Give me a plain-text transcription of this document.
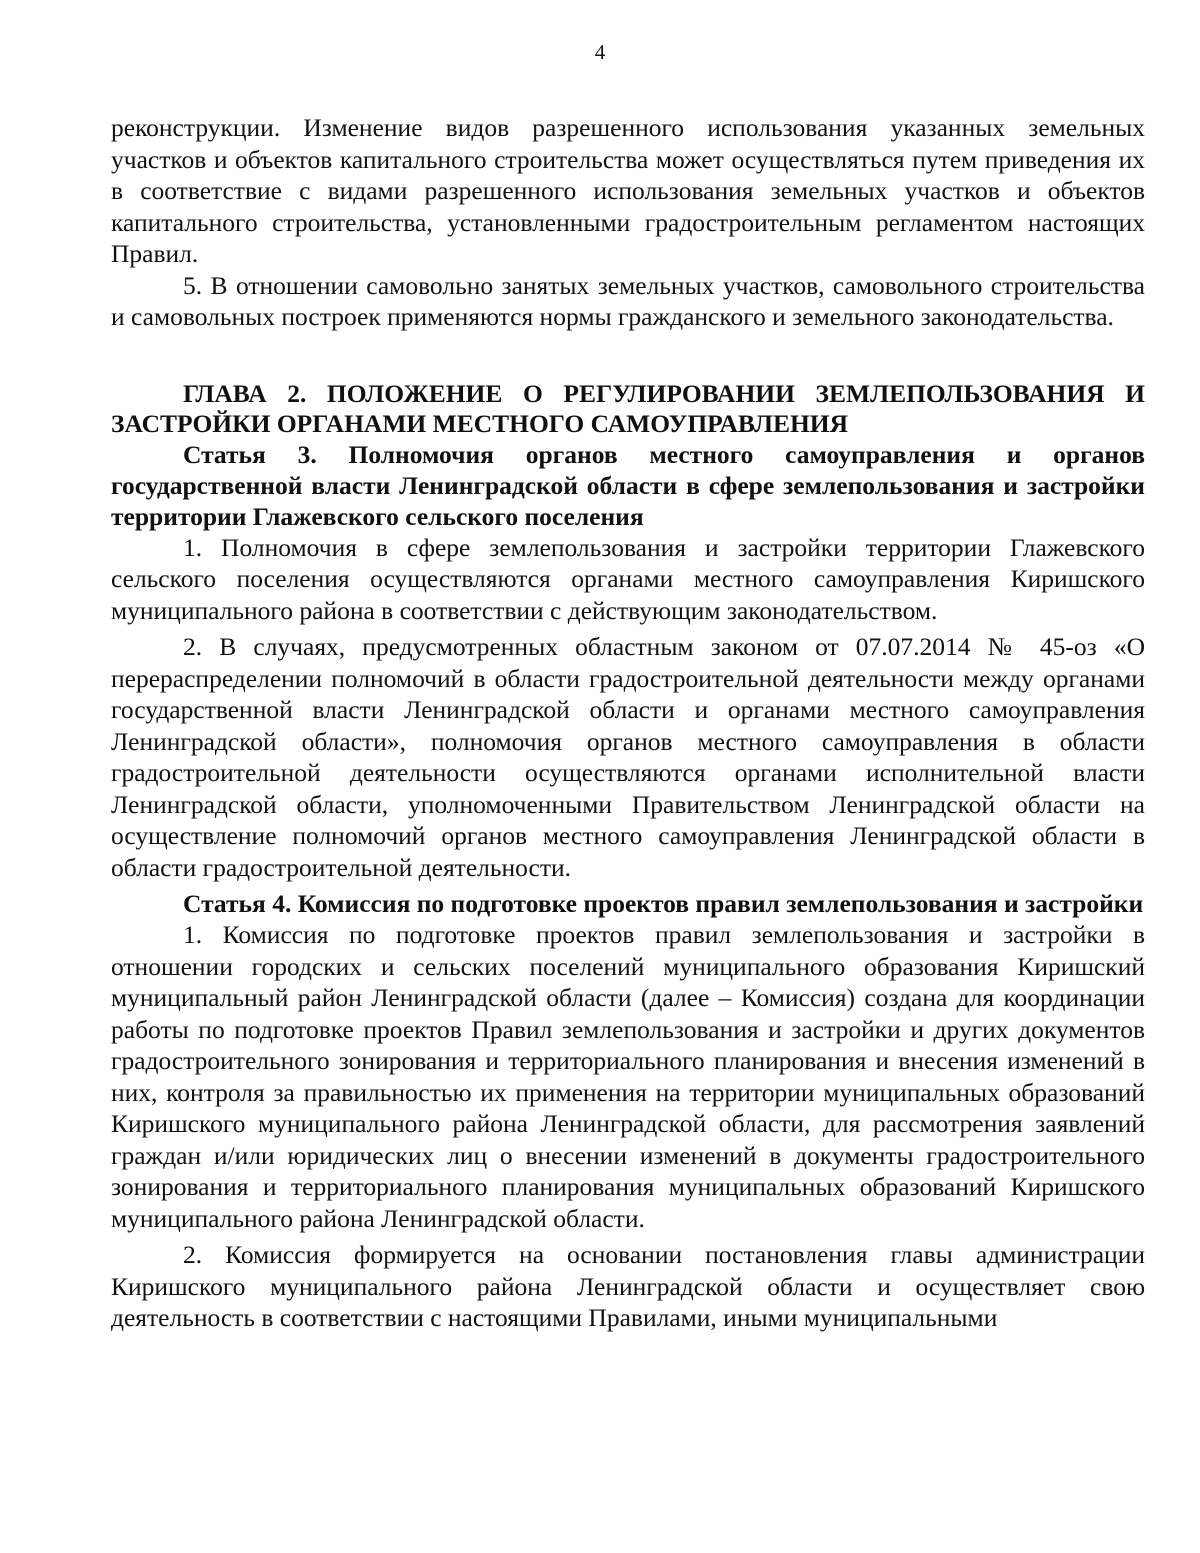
4

реконструкции. Изменение видов разрешенного использования указанных земельных участков и объектов капитального строительства может осуществляться путем приведения их в соответствие с видами разрешенного использования земельных участков и объектов капитального строительства, установленными градостроительным регламентом настоящих Правил.

5. В отношении самовольно занятых земельных участков, самовольного строительства и самовольных построек применяются нормы гражданского и земельного законодательства.

ГЛАВА 2. ПОЛОЖЕНИЕ О РЕГУЛИРОВАНИИ ЗЕМЛЕПОЛЬЗОВАНИЯ И ЗАСТРОЙКИ ОРГАНАМИ МЕСТНОГО САМОУПРАВЛЕНИЯ

Статья 3. Полномочия органов местного самоуправления и органов государственной власти Ленинградской области в сфере землепользования и застройки территории Глажевского сельского поселения

1. Полномочия в сфере землепользования и застройки территории Глажевского сельского поселения осуществляются органами местного самоуправления Киришского муниципального района в соответствии с действующим законодательством.

2. В случаях, предусмотренных областным законом от 07.07.2014 № 45-оз «О перераспределении полномочий в области градостроительной деятельности между органами государственной власти Ленинградской области и органами местного самоуправления Ленинградской области», полномочия органов местного самоуправления в области градостроительной деятельности осуществляются органами исполнительной власти Ленинградской области, уполномоченными Правительством Ленинградской области на осуществление полномочий органов местного самоуправления Ленинградской области в области градостроительной деятельности.

Статья 4. Комиссия по подготовке проектов правил землепользования и застройки

1. Комиссия по подготовке проектов правил землепользования и застройки в отношении городских и сельских поселений муниципального образования Киришский муниципальный район Ленинградской области (далее – Комиссия) создана для координации работы по подготовке проектов Правил землепользования и застройки и других документов градостроительного зонирования и территориального планирования и внесения изменений в них, контроля за правильностью их применения на территории муниципальных образований Киришского муниципального района Ленинградской области, для рассмотрения заявлений граждан и/или юридических лиц о внесении изменений в документы градостроительного зонирования и территориального планирования муниципальных образований Киришского муниципального района Ленинградской области.

2. Комиссия формируется на основании постановления главы администрации Киришского муниципального района Ленинградской области и осуществляет свою деятельность в соответствии с настоящими Правилами, иными муниципальными
